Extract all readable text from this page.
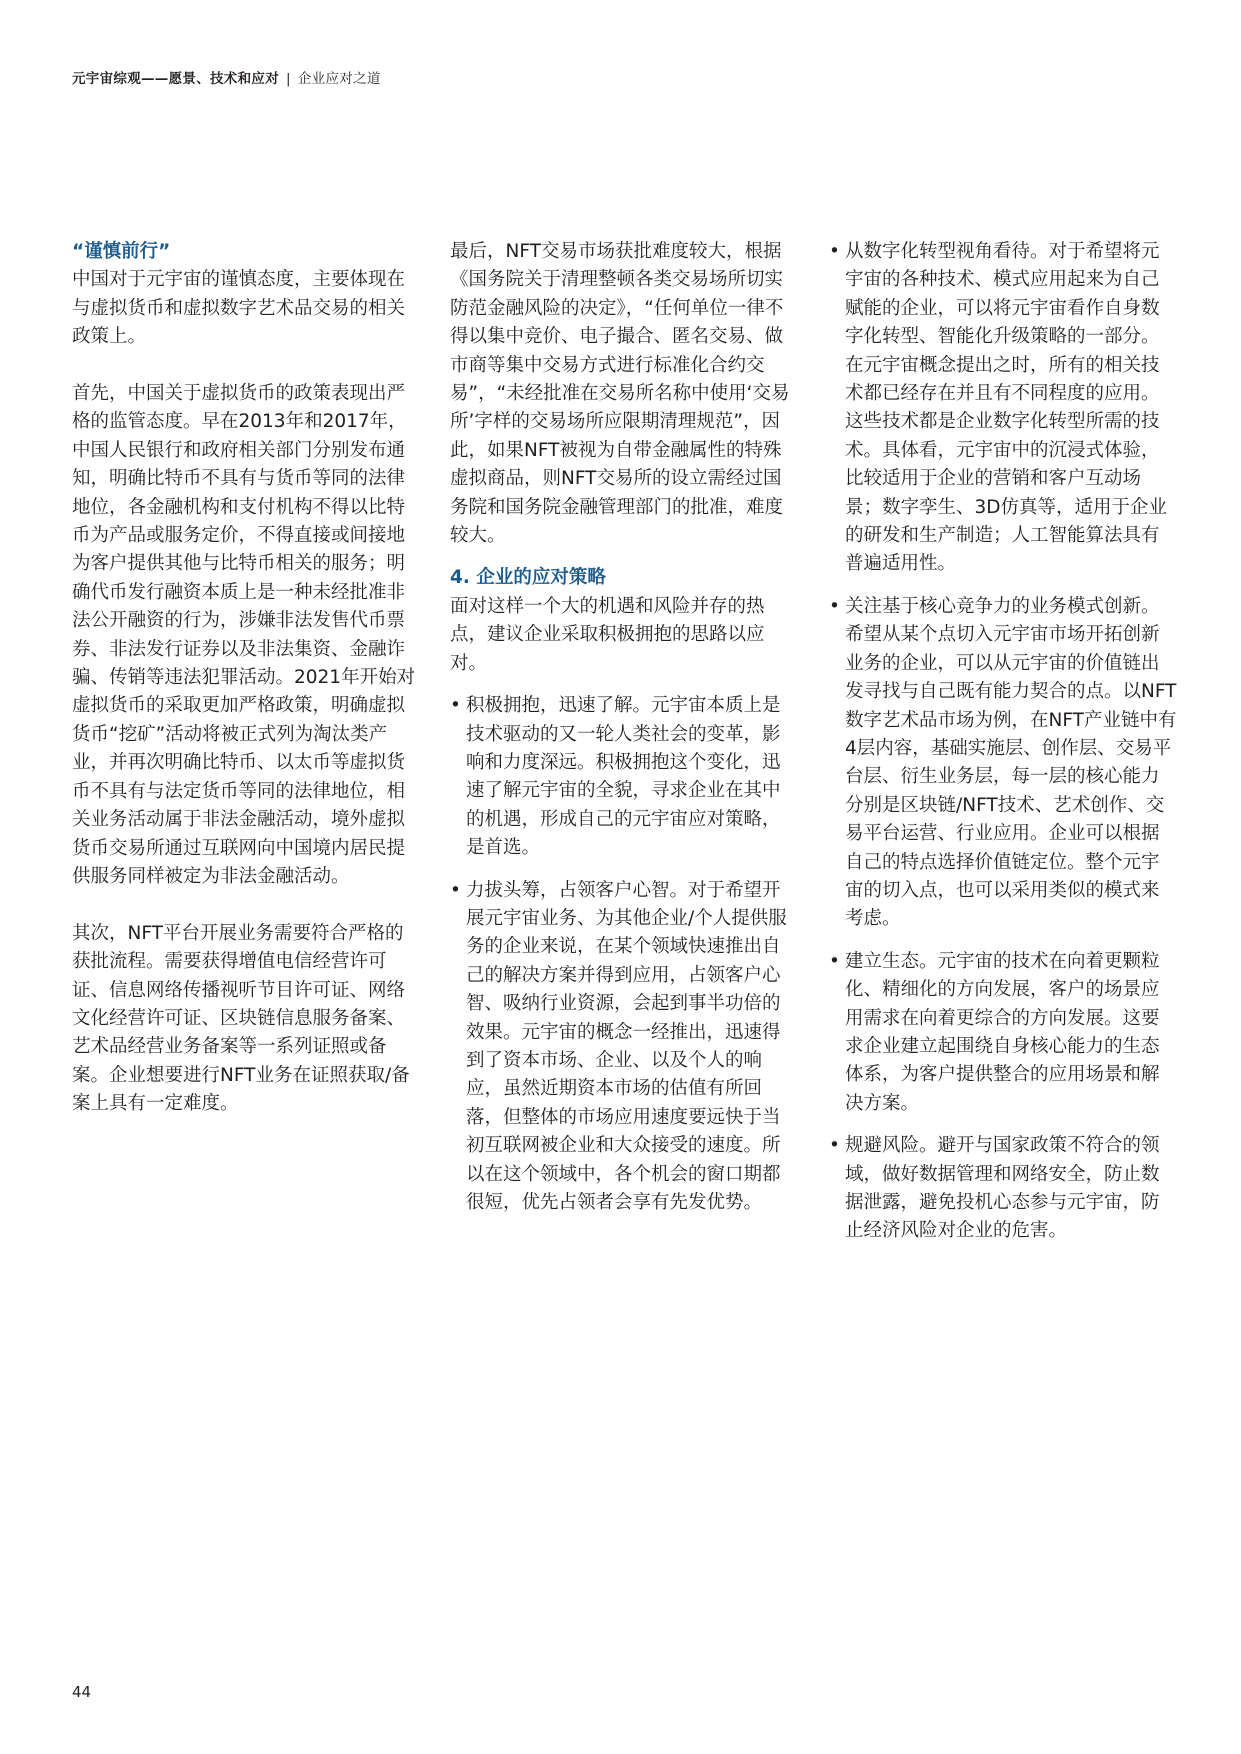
元宇宙综观——愿景、技术和应对 | 企业应对之道

“谨慎前行”

中国对于元宇宙的谨慎态度，主要体现在与虚拟货币和虚拟数字艺术品交易的相关政策上。

首先，中国关于虚拟货币的政策表现出严格的监管态度。早在2013年和2017年，中国人民银行和政府相关部门分别发布通知，明确比特币不具有与货币等同的法律地位，各金融机构和支付机构不得以比特币为产品或服务定价，不得直接或间接地为客户提供其他与比特币相关的服务；明确代币发行融资本质上是一种未经批准非法公开融资的行为，涉嫌非法发售代币票券、非法发行证券以及非法集资、金融诈骗、传销等违法犯罪活动。2021年开始对虚拟货币的采取更加严格政策，明确虚拟货币“挖矿”活动将被正式列为淘汰类产业，并再次明确比特币、以太币等虚拟货币不具有与法定货币等同的法律地位，相关业务活动属于非法金融活动，境外虚拟货币交易所通过互联网向中国境内居民提供服务同样被定为非法金融活动。

其次，NFT平台开展业务需要符合严格的获批流程。需要获得增值电信经营许可证、信息网络传播视听节目许可证、网络文化经营许可证、区块链信息服务备案、艺术品经营业务备案等一系列证照或备案。企业想要进行NFT业务在证照获取/备案上具有一定难度。

最后，NFT交易市场获批难度较大，根据《国务院关于清理整顿各类交易场所切实防范金融风险的决定》，“任何单位一律不得以集中竞价、电子撮合、匿名交易、做市商等集中交易方式进行标准化合约交易”，“未经批准在交易所名称中使用‘交易所’字样的交易场所应限期清理规范”，因此，如果NFT被视为自带金融属性的特殊虚拟商品，则NFT交易所的设立需经过国务院和国务院金融管理部门的批准，难度较大。

4. 企业的应对策略

面对这样一个大的机遇和风险并存的热点，建议企业采取积极拥抱的思路以应对。

• 积极拥抱，迅速了解。元宇宙本质上是技术驱动的又一轮人类社会的变革，影响和力度深远。积极拥抱这个变化，迅速了解元宇宙的全貌，寻求企业在其中的机遇，形成自己的元宇宙应对策略，是首选。

• 力拔头筹，占领客户心智。对于希望开展元宇宙业务、为其他企业/个人提供服务的企业来说，在某个领域快速推出自己的解决方案并得到应用，占领客户心智、吸纳行业资源，会起到事半功倍的效果。元宇宙的概念一经推出，迅速得到了资本市场、企业、以及个人的响应，虽然近期资本市场的估值有所回落，但整体的市场应用速度要远快于当初互联网被企业和大众接受的速度。所以在这个领域中，各个机会的窗口期都很短，优先占领者会享有先发优势。

• 从数字化转型视角看待。对于希望将元宇宙的各种技术、模式应用起来为自己赋能的企业，可以将元宇宙看作自身数字化转型、智能化升级策略的一部分。在元宇宙概念提出之时，所有的相关技术都已经存在并且有不同程度的应用。这些技术都是企业数字化转型所需的技术。具体看，元宇宙中的沉浸式体验，比较适用于企业的营销和客户互动场景；数字孪生、3D仿真等，适用于企业的研发和生产制造；人工智能算法具有普遍适用性。

• 关注基于核心竞争力的业务模式创新。希望从某个点切入元宇宙市场开拓创新业务的企业，可以从元宇宙的价值链出发寻找与自己既有能力契合的点。以NFT数字艺术品市场为例，在NFT产业链中有4层内容，基础实施层、创作层、交易平台层、衍生业务层，每一层的核心能力分别是区块链/NFT技术、艺术创作、交易平台运营、行业应用。企业可以根据自己的特点选择价值链定位。整个元宇宙的切入点，也可以采用类似的模式来考虑。

• 建立生态。元宇宙的技术在向着更颗粒化、精细化的方向发展，客户的场景应用需求在向着更综合的方向发展。这要求企业建立起围绕自身核心能力的生态体系，为客户提供整合的应用场景和解决方案。

• 规避风险。避开与国家政策不符合的领域，做好数据管理和网络安全，防止数据泄露，避免投机心态参与元宇宙，防止经济风险对企业的危害。

44
